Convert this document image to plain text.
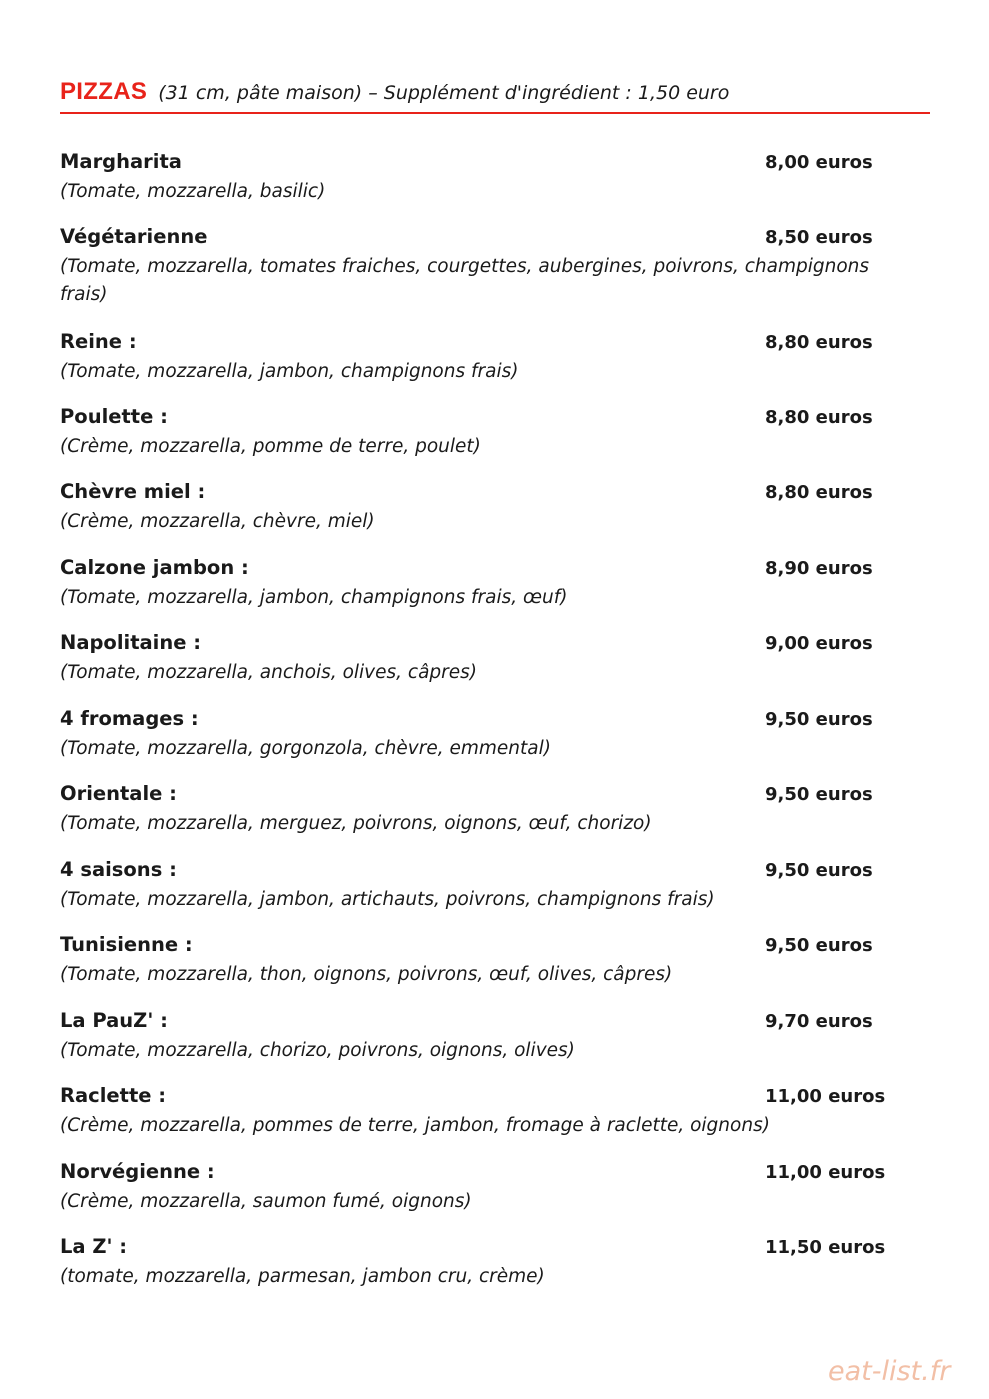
PIZZAS (31 cm, pâte maison) – Supplément d'ingrédient : 1,50 euro
Margharita	8,00 euros
(Tomate, mozzarella, basilic)
Végétarienne	8,50 euros
(Tomate, mozzarella, tomates fraiches, courgettes, aubergines, poivrons, champignons frais)
Reine :	8,80 euros
(Tomate, mozzarella, jambon, champignons frais)
Poulette :	8,80 euros
(Crème, mozzarella, pomme de terre, poulet)
Chèvre miel :	8,80 euros
(Crème, mozzarella, chèvre, miel)
Calzone jambon :	8,90 euros
(Tomate, mozzarella, jambon, champignons frais, œuf)
Napolitaine :	9,00 euros
(Tomate, mozzarella, anchois, olives, câpres)
4 fromages :	9,50 euros
(Tomate, mozzarella, gorgonzola, chèvre, emmental)
Orientale :	9,50 euros
(Tomate, mozzarella, merguez, poivrons, oignons, œuf, chorizo)
4 saisons :	9,50 euros
(Tomate, mozzarella, jambon, artichauts, poivrons, champignons frais)
Tunisienne :	9,50 euros
(Tomate, mozzarella, thon, oignons, poivrons, œuf, olives, câpres)
La PauZ' :	9,70 euros
(Tomate, mozzarella, chorizo, poivrons, oignons, olives)
Raclette :	11,00 euros
(Crème, mozzarella, pommes de terre, jambon, fromage à raclette, oignons)
Norvégienne :	11,00 euros
(Crème, mozzarella, saumon fumé, oignons)
La Z' :	11,50 euros
(tomate, mozzarella, parmesan, jambon cru, crème)
eat-list.fr
